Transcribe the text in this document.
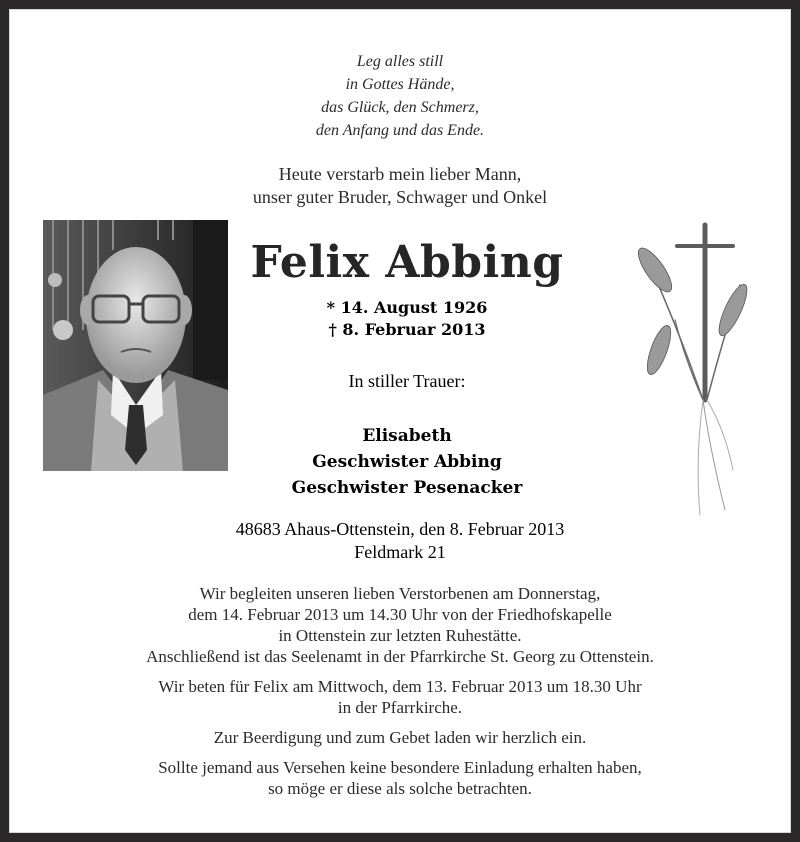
Leg alles still
in Gottes Hände,
das Glück, den Schmerz,
den Anfang und das Ende.
Heute verstarb mein lieber Mann,
unser guter Bruder, Schwager und Onkel
Felix Abbing
* 14. August 1926
† 8. Februar 2013
In stiller Trauer:
Elisabeth
Geschwister Abbing
Geschwister Pesenacker
48683 Ahaus-Ottenstein, den 8. Februar 2013
Feldmark 21

Wir begleiten unseren lieben Verstorbenen am Donnerstag,
dem 14. Februar 2013 um 14.30 Uhr von der Friedhofskapelle
in Ottenstein zur letzten Ruhestätte.
Anschließend ist das Seelenamt in der Pfarrkirche St. Georg zu Ottenstein.

Wir beten für Felix am Mittwoch, dem 13. Februar 2013 um 18.30 Uhr
in der Pfarrkirche.

Zur Beerdigung und zum Gebet laden wir herzlich ein.

Sollte jemand aus Versehen keine besondere Einladung erhalten haben,
so möge er diese als solche betrachten.
